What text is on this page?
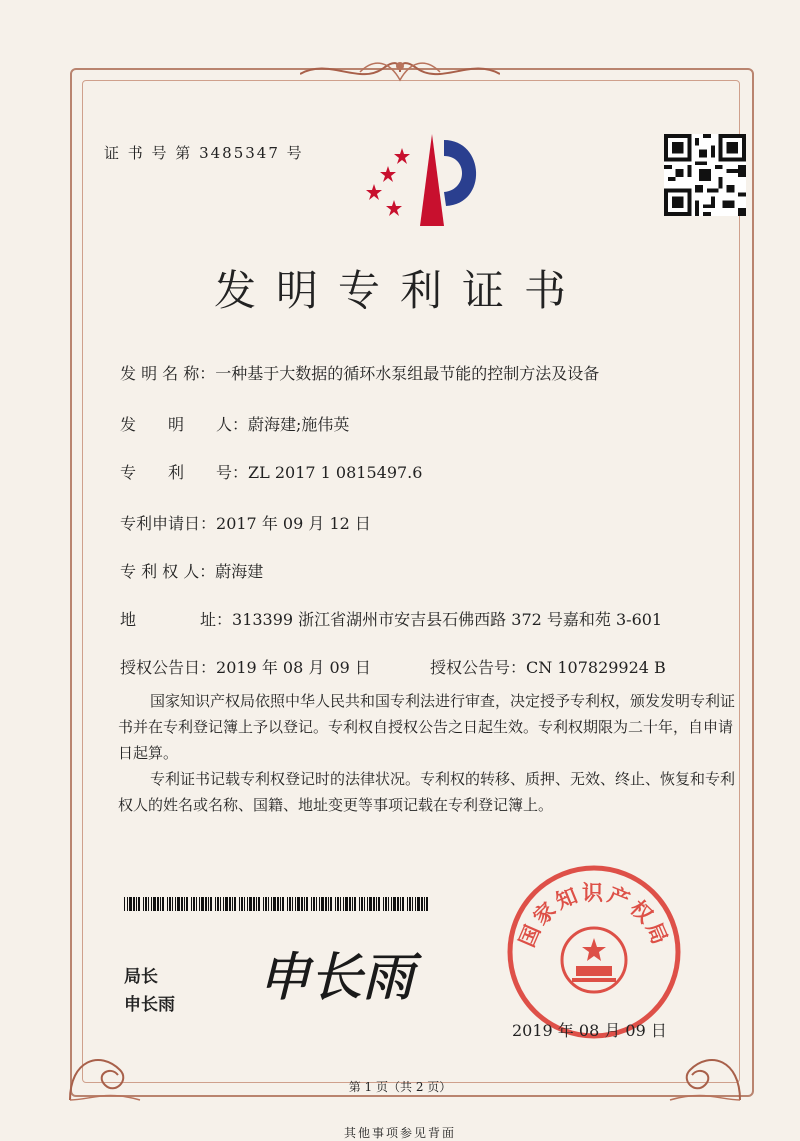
证 书 号 第 3485347 号
发明专利证书
发 明 名 称：一种基于大数据的循环水泵组最节能的控制方法及设备
发　　明　　人：蔚海建;施伟英
专　　利　　号：ZL 2017 1 0815497.6
专利申请日：2017 年 09 月 12 日
专 利 权 人：蔚海建
地　　　　址：313399 浙江省湖州市安吉县石佛西路 372 号嘉和苑 3-601
授权公告日：2019 年 08 月 09 日	授权公告号：CN 107829924 B
国家知识产权局依照中华人民共和国专利法进行审查，决定授予专利权，颁发发明专利证书并在专利登记簿上予以登记。专利权自授权公告之日起生效。专利权期限为二十年，自申请日起算。
专利证书记载专利权登记时的法律状况。专利权的转移、质押、无效、终止、恢复和专利权人的姓名或名称、国籍、地址变更等事项记载在专利登记簿上。
局长
申长雨 申长雨
国家知识产权局
2019 年 08 月 09 日
第 1 页（共 2 页）
其他事项参见背面
